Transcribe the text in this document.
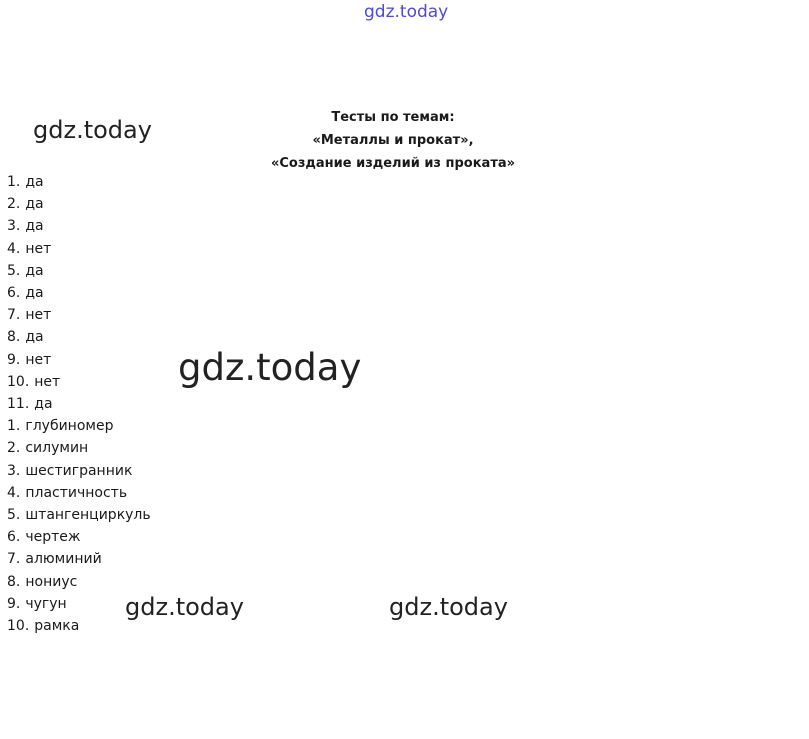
gdz.today
gdz.today	Тесты по темам:
«Металлы и прокат»,
«Создание изделий из проката»
1. да
2. да
3. да
4. нет
5. да
6. да
7. нет
8. да
9. нет
10. нет
11. да
1. глубиномер
2. силумин
3. шестигранник
4. пластичность
5. штангенциркуль
6. чертеж
7. алюминий
8. нониус
9. чугун
10. рамка
gdz.today
gdz.today	gdz.today
